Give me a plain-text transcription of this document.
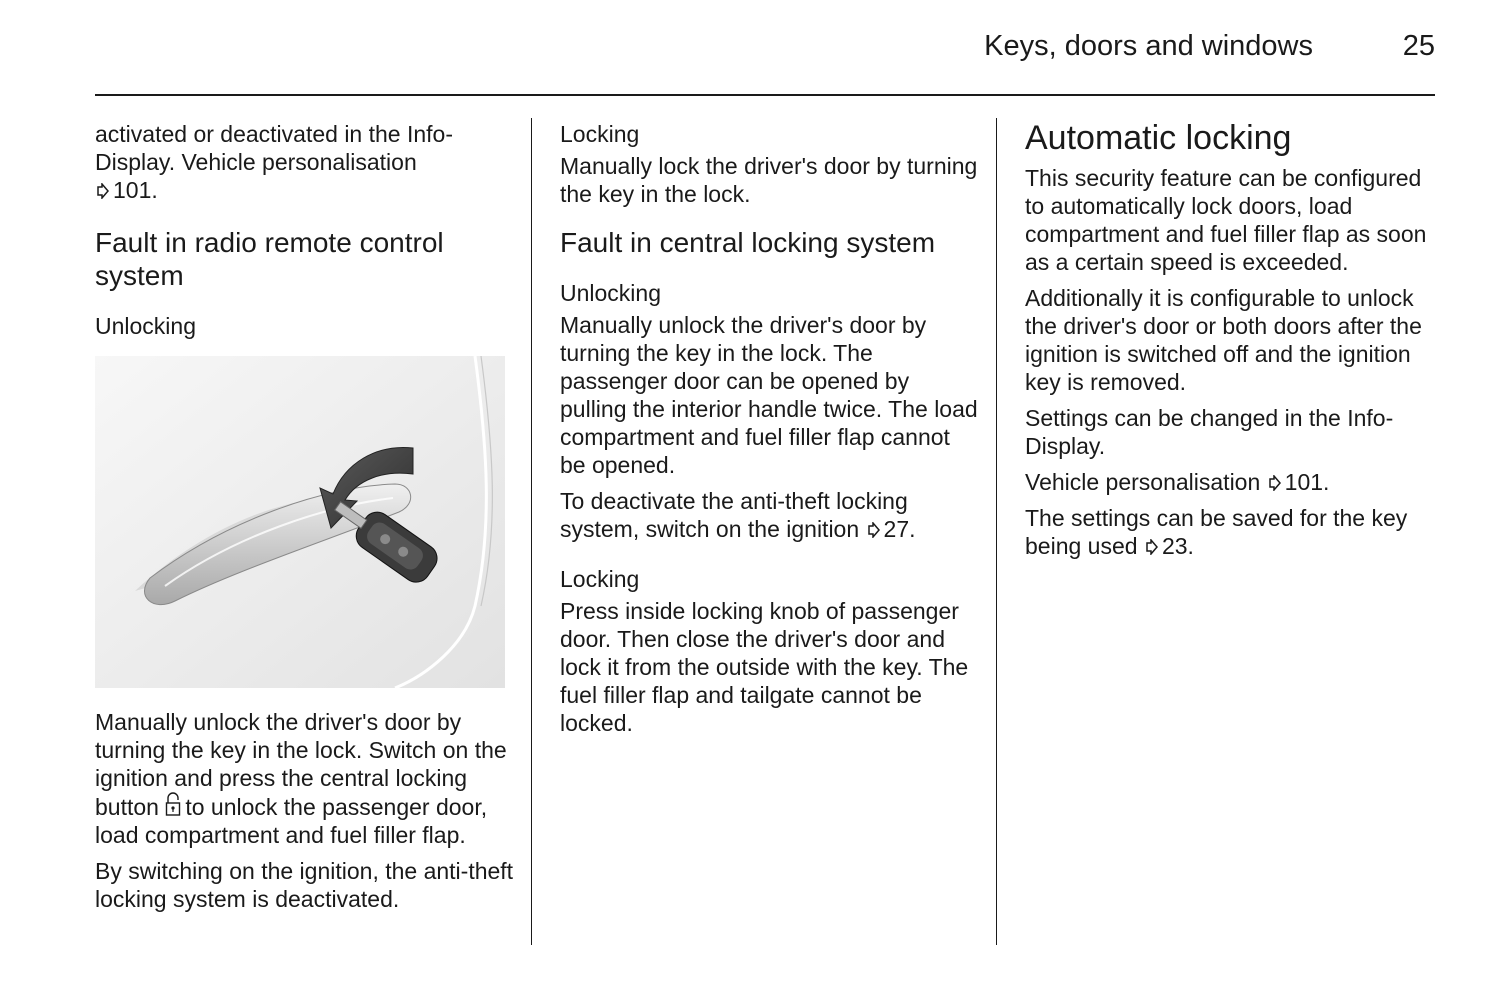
Keys, doors and windows	25

activated or deactivated in the Info-Display. Vehicle personalisation
101.

Fault in radio remote control system

Unlocking

Manually unlock the driver's door by turning the key in the lock. Switch on the ignition and press the central locking button to unlock the passenger door, load compartment and fuel filler flap.

By switching on the ignition, the anti-theft locking system is deactivated.

Locking

Manually lock the driver's door by turning the key in the lock.

Fault in central locking system

Unlocking

Manually unlock the driver's door by turning the key in the lock. The passenger door can be opened by pulling the interior handle twice. The load compartment and fuel filler flap cannot be opened.

To deactivate the anti-theft locking system, switch on the ignition 27.

Locking

Press inside locking knob of passenger door. Then close the driver's door and lock it from the outside with the key. The fuel filler flap and tailgate cannot be locked.

Automatic locking

This security feature can be configured to automatically lock doors, load compartment and fuel filler flap as soon as a certain speed is exceeded.

Additionally it is configurable to unlock the driver's door or both doors after the ignition is switched off and the ignition key is removed.

Settings can be changed in the Info-Display.

Vehicle personalisation 101.

The settings can be saved for the key being used 23.
